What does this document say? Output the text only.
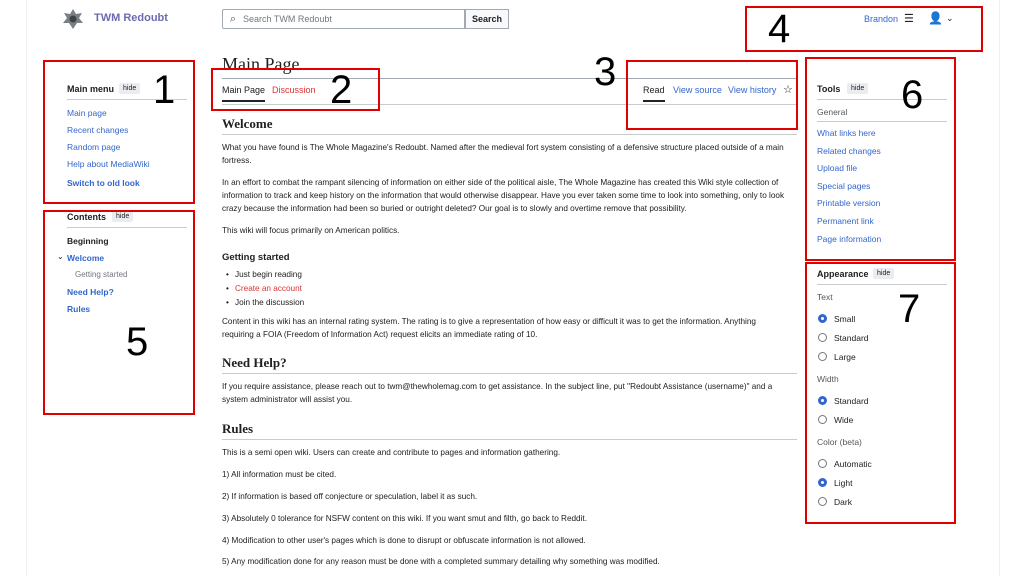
TWM Redoubt	⌕ Search TWM Redoubt	Search	Brandon ☰ 👤 ⌄
Main menu	hide
Main page
Recent changes
Random page
Help about MediaWiki
Switch to old look
Contents	hide
Beginning
⌄ Welcome
Getting started
Need Help?
Rules
Main Page
Main Page Discussion	Read View source View history ☆
Welcome
What you have found is The Whole Magazine's Redoubt. Named after the medieval fort system consisting of a defensive structure placed outside of a main fortress.
In an effort to combat the rampant silencing of information on either side of the political aisle, The Whole Magazine has created this Wiki style collection of information to track and keep history on the information that would otherwise disappear. Have you ever taken some time to look into something, only to look crazy because the information had been so buried or outright deleted? Our goal is to slowly and overtime remove that possibility.
This wiki will focus primarily on American politics.
Getting started
• Just begin reading
• Create an account
• Join the discussion
Content in this wiki has an internal rating system. The rating is to give a representation of how easy or difficult it was to get the information. Anything requiring a FOIA (Freedom of Information Act) request elicits an immediate rating of 10.
Need Help?
If you require assistance, please reach out to twm@thewholemag.com to get assistance. In the subject line, put "Redoubt Assistance (username)" and a system administrator will assist you.
Rules
This is a semi open wiki. Users can create and contribute to pages and information gathering.
1) All information must be cited.
2) If information is based off conjecture or speculation, label it as such.
3) Absolutely 0 tolerance for NSFW content on this wiki. If you want smut and filth, go back to Reddit.
4) Modification to other user's pages which is done to disrupt or obfuscate information is not allowed.
5) Any modification done for any reason must be done with a completed summary detailing why something was modified.
Tools	hide
General
What links here
Related changes
Upload file
Special pages
Printable version
Permanent link
Page information
Appearance	hide
Text
Small
Standard
Large
Width
Standard
Wide
Color (beta)
Automatic
Light
Dark
1	2	3
4
5
6
7
